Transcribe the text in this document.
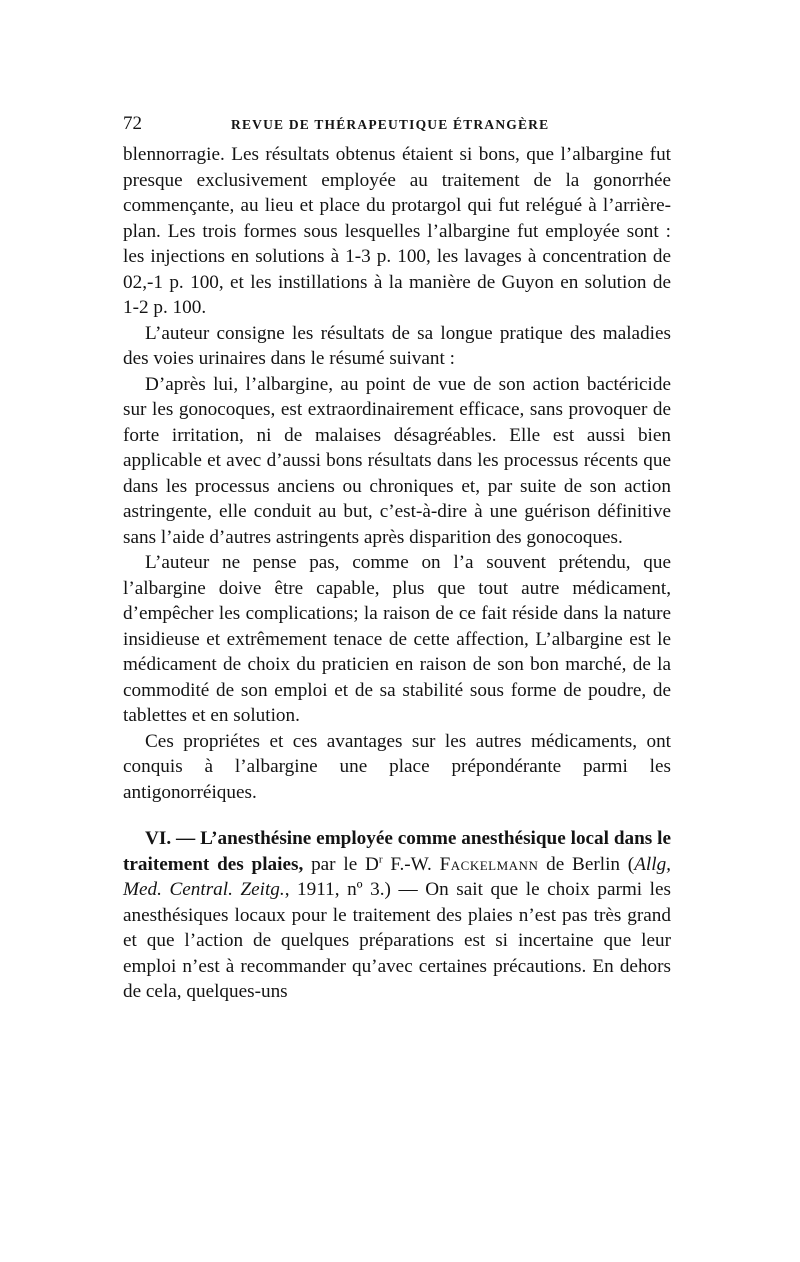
72	REVUE DE THÉRAPEUTIQUE ÉTRANGÈRE

blennorragie. Les résultats obtenus étaient si bons, que l’albargine fut presque exclusivement employée au traitement de la gonorrhée commençante, au lieu et place du protargol qui fut relégué à l’arrière-plan. Les trois formes sous lesquelles l’albargine fut employée sont : les injections en solutions à 1-3 p. 100, les lavages à concentration de 02,-1 p. 100, et les instillations à la manière de Guyon en solution de 1-2 p. 100.

L’auteur consigne les résultats de sa longue pratique des maladies des voies urinaires dans le résumé suivant :

D’après lui, l’albargine, au point de vue de son action bactéricide sur les gonocoques, est extraordinairement efficace, sans provoquer de forte irritation, ni de malaises désagréables. Elle est aussi bien applicable et avec d’aussi bons résultats dans les processus récents que dans les processus anciens ou chroniques et, par suite de son action astringente, elle conduit au but, c’est-à-dire à une guérison définitive sans l’aide d’autres astringents après disparition des gonocoques.

L’auteur ne pense pas, comme on l’a souvent prétendu, que l’albargine doive être capable, plus que tout autre médicament, d’empêcher les complications; la raison de ce fait réside dans la nature insidieuse et extrêmement tenace de cette affection, L’albargine est le médicament de choix du praticien en raison de son bon marché, de la commodité de son emploi et de sa stabilité sous forme de poudre, de tablettes et en solution.

Ces propriétes et ces avantages sur les autres médicaments, ont conquis à l’albargine une place prépondérante parmi les antigonorréiques.

VI. — L’anesthésine employée comme anesthésique local dans le traitement des plaies, par le $D^r$ F.-W. Fackelmann de Berlin (Allg, Med. Central. Zeitg., 1911, nº 3.) — On sait que le choix parmi les anesthésiques locaux pour le traitement des plaies n’est pas très grand et que l’action de quelques préparations est si incertaine que leur emploi n’est à recommander qu’avec certaines précautions. En dehors de cela, quelques-uns
